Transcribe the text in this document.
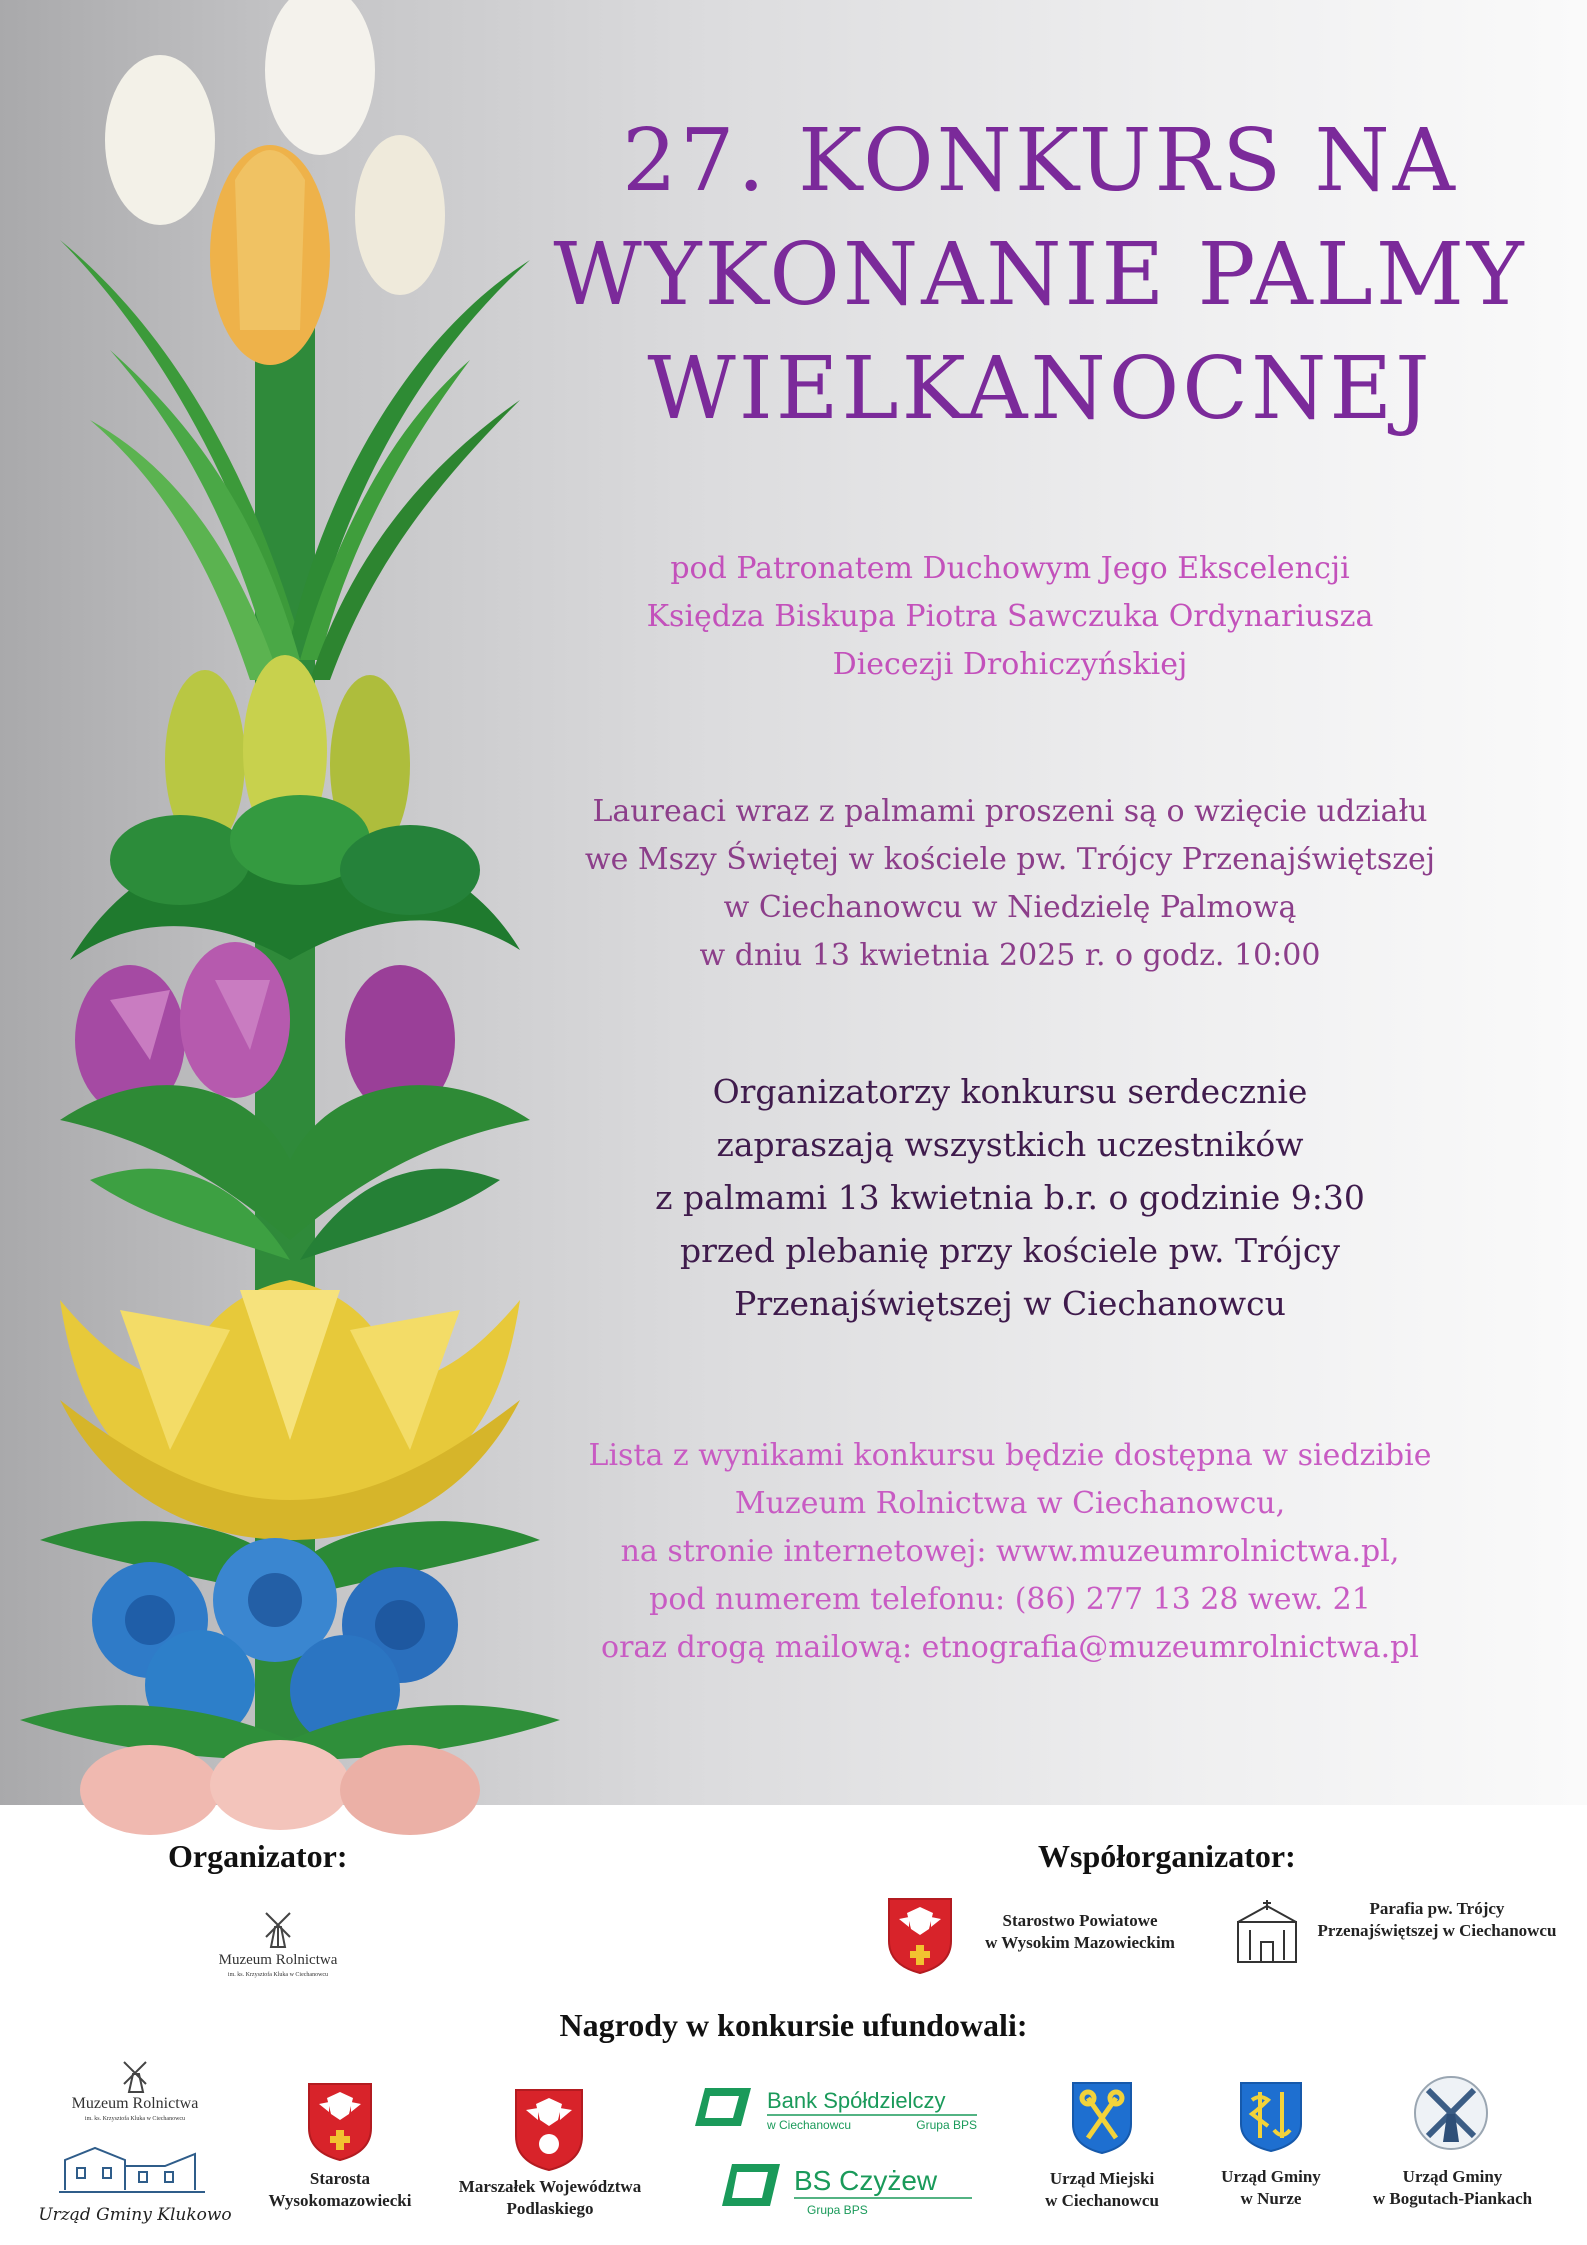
27. KONKURS NA
WYKONANIE PALMY
WIELKANOCNEJ
pod Patronatem Duchowym Jego Ekscelencji
Księdza Biskupa Piotra Sawczuka Ordynariusza
Diecezji Drohiczyńskiej
Laureaci wraz z palmami proszeni są o wzięcie udziału
we Mszy Świętej w kościele pw. Trójcy Przenajświętszej
w Ciechanowcu w Niedzielę Palmową
w dniu 13 kwietnia 2025 r. o godz. 10:00
Organizatorzy konkursu serdecznie
zapraszają wszystkich uczestników
z palmami 13 kwietnia b.r. o godzinie 9:30
przed plebanię przy kościele pw. Trójcy
Przenajświętszej w Ciechanowcu
Lista z wynikami konkursu będzie dostępna w siedzibie
Muzeum Rolnictwa w Ciechanowcu,
na stronie internetowej: www.muzeumrolnictwa.pl,
pod numerem telefonu: (86) 277 13 28 wew. 21
oraz drogą mailową: etnografia@muzeumrolnictwa.pl
Organizator:
Muzeum Rolnictwa
im. ks. Krzysztofa Kluka w Ciechanowcu
Współorganizator:
Starostwo Powiatowe
w Wysokim Mazowieckim
Parafia pw. Trójcy
Przenajświętszej w Ciechanowcu
Nagrody w konkursie ufundowali:
Muzeum Rolnictwa
im. ks. Krzysztofa Kluka w Ciechanowcu
Urząd Gminy Klukowo
Starosta
Wysokomazowiecki
Marszałek Województwa
Podlaskiego
Bank Spółdzielczy
w Ciechanowcu	Grupa BPS
BS Czyżew
Grupa BPS
Urząd Miejski
w Ciechanowcu
Urząd Gminy
w Nurze
Urząd Gminy
w Bogutach-Piankach
